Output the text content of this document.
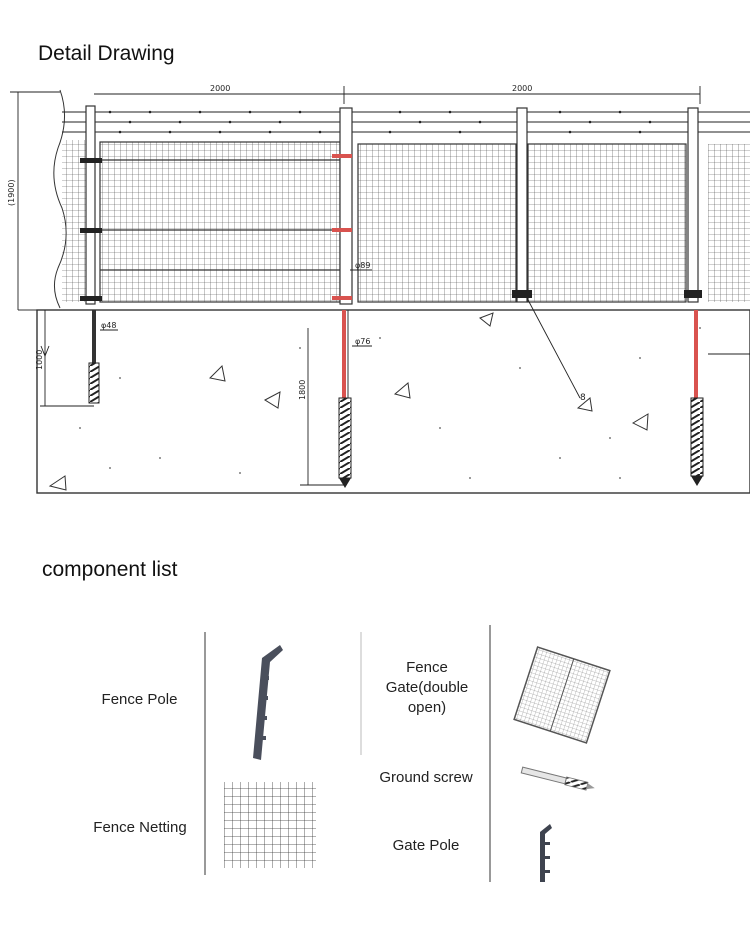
Detail Drawing
2000	2000
(1900)
1000
1800
φ48
φ89
φ76
8
component list
Fence Pole
Fence Gate(double open)
Ground screw
Fence Netting
Gate Pole
